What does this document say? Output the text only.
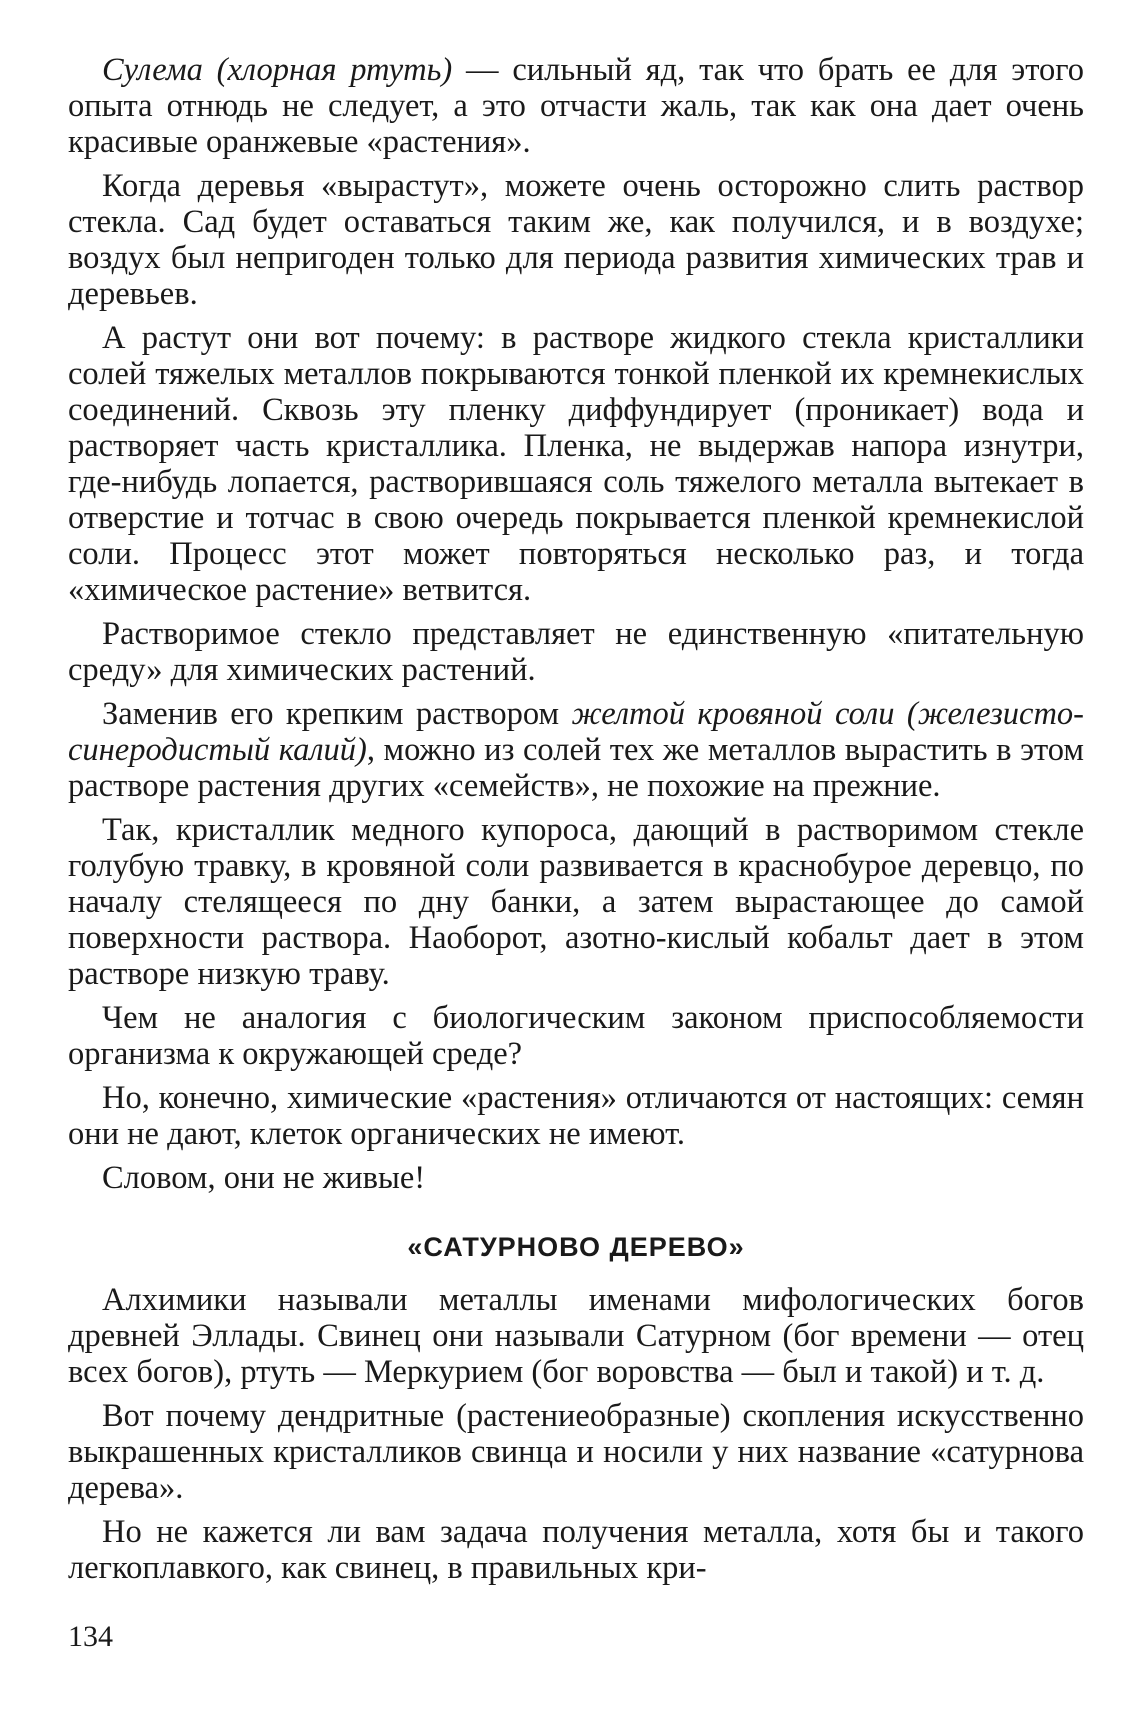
Сулема (хлорная ртуть) — сильный яд, так что брать ее для этого опыта отнюдь не следует, а это отчасти жаль, так как она дает очень красивые оранжевые «растения».

Когда деревья «вырастут», можете очень осторожно слить раствор стекла. Сад будет оставаться таким же, как получился, и в воздухе; воздух был непригоден только для периода развития химических трав и деревьев.

А растут они вот почему: в растворе жидкого стекла кристаллики солей тяжелых металлов покрываются тонкой пленкой их кремнекислых соединений. Сквозь эту пленку диффундирует (проникает) вода и растворяет часть кристаллика. Пленка, не выдержав напора изнутри, где-нибудь лопается, растворившаяся соль тяжелого металла вытекает в отверстие и тотчас в свою очередь покрывается пленкой кремнекислой соли. Процесс этот может повторяться несколько раз, и тогда «химическое растение» ветвится.

Растворимое стекло представляет не единственную «питательную среду» для химических растений.

Заменив его крепким раствором желтой кровяной соли (железисто-синеродистый калий), можно из солей тех же металлов вырастить в этом растворе растения других «семейств», не похожие на прежние.

Так, кристаллик медного купороса, дающий в растворимом стекле голубую травку, в кровяной соли развивается в краснобурое деревцо, по началу стелящееся по дну банки, а затем вырастающее до самой поверхности раствора. Наоборот, азотно-кислый кобальт дает в этом растворе низкую траву.

Чем не аналогия с биологическим законом приспособляемости организма к окружающей среде?

Но, конечно, химические «растения» отличаются от настоящих: семян они не дают, клеток органических не имеют.

Словом, они не живые!

«САТУРНОВО ДЕРЕВО»

Алхимики называли металлы именами мифологических богов древней Эллады. Свинец они называли Сатурном (бог времени — отец всех богов), ртуть — Меркурием (бог воровства — был и такой) и т. д.

Вот почему дендритные (растениеобразные) скопления искусственно выкрашенных кристалликов свинца и носили у них название «сатурнова дерева».

Но не кажется ли вам задача получения металла, хотя бы и такого легкоплавкого, как свинец, в правильных кри-

134
